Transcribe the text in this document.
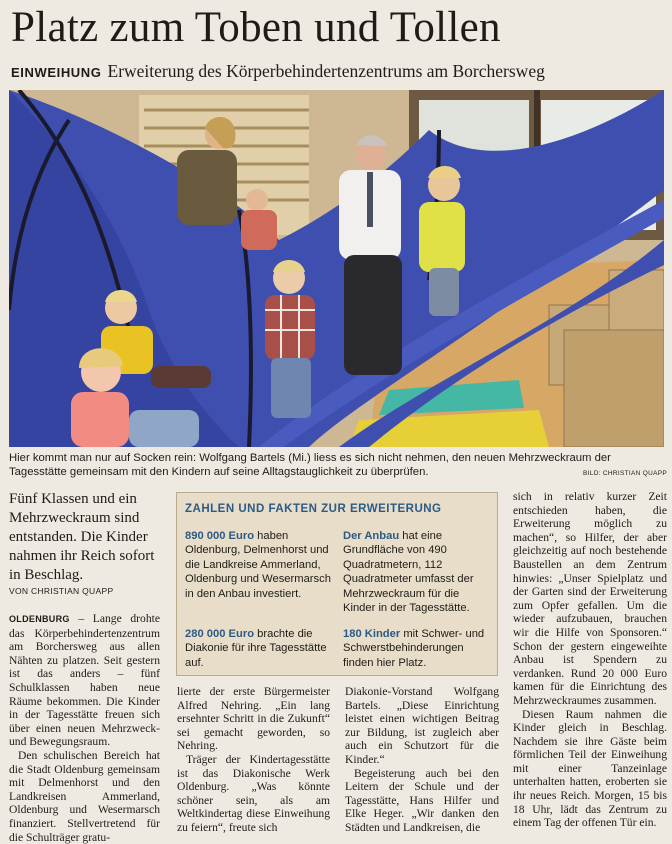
Platz zum Toben und Tollen
EINWEIHUNG Erweiterung des Körperbehindertenzentrums am Borchersweg
Hier kommt man nur auf Socken rein: Wolfgang Bartels (Mi.) liess es sich nicht nehmen, den neuen Mehrzweckraum der Tagesstätte gemeinsam mit den Kindern auf seine Alltagstauglichkeit zu überprüfen.	BILD: CHRISTIAN QUAPP
Fünf Klassen und ein Mehrzweckraum sind entstanden. Die Kinder nahmen ihr Reich sofort in Beschlag.
VON CHRISTIAN QUAPP

OLDENBURG – Lange drohte das Körperbehindertenzentrum am Borchersweg aus allen Nähten zu platzen. Seit gestern ist das anders – fünf Schulklassen haben neue Räume bekommen. Die Kinder in der Tagesstätte freuen sich über einen neuen Mehrzweck- und Bewegungsraum.

Den schulischen Bereich hat die Stadt Oldenburg gemeinsam mit Delmenhorst und den Landkreisen Ammerland, Oldenburg und Wesermarsch finanziert. Stellvertretend für die Schulträger gratu-

ZAHLEN UND FAKTEN ZUR ERWEITERUNG
890 000 Euro haben Oldenburg, Delmenhorst und die Landkreise Ammerland, Oldenburg und Wesermarsch in den Anbau investiert.
Der Anbau hat eine Grundfläche von 490 Quadratmetern, 112 Quadratmeter umfasst der Mehrzweckraum für die Kinder in der Tagesstätte.
280 000 Euro brachte die Diakonie für ihre Tagesstätte auf.
180 Kinder mit Schwer- und Schwerstbehinderungen finden hier Platz.

lierte der erste Bürgermeister Alfred Nehring. „Ein lang ersehnter Schritt in die Zukunft“ sei gemacht geworden, so Nehring.

Träger der Kindertagesstätte ist das Diakonische Werk Oldenburg. „Was könnte schöner sein, als am Weltkindertag diese Einweihung zu feiern“, freute sich

Diakonie-Vorstand Wolfgang Bartels. „Diese Einrichtung leistet einen wichtigen Beitrag zur Bildung, ist zugleich aber auch ein Schutzort für die Kinder.“

Begeisterung auch bei den Leitern der Schule und der Tagesstätte, Hans Hilfer und Elke Heger. „Wir danken den Städten und Landkreisen, die

sich in relativ kurzer Zeit entschieden haben, die Erweiterung möglich zu machen“, so Hilfer, der aber gleichzeitig auf noch bestehende Baustellen an dem Zentrum hinwies: „Unser Spielplatz und der Garten sind der Erweiterung zum Opfer gefallen. Um die wieder aufzubauen, brauchen wir die Hilfe von Sponsoren.“ Schon der gestern eingeweihte Anbau ist Spendern zu verdanken. Rund 20 000 Euro kamen für die Einrichtung des Mehrzweckraumes zusammen.

Diesen Raum nahmen die Kinder gleich in Beschlag. Nachdem sie ihre Gäste beim förmlichen Teil der Einweihung mit einer Tanzeinlage unterhalten hatten, eroberten sie ihr neues Reich. Morgen, 15 bis 18 Uhr, lädt das Zentrum zu einem Tag der offenen Tür ein.
